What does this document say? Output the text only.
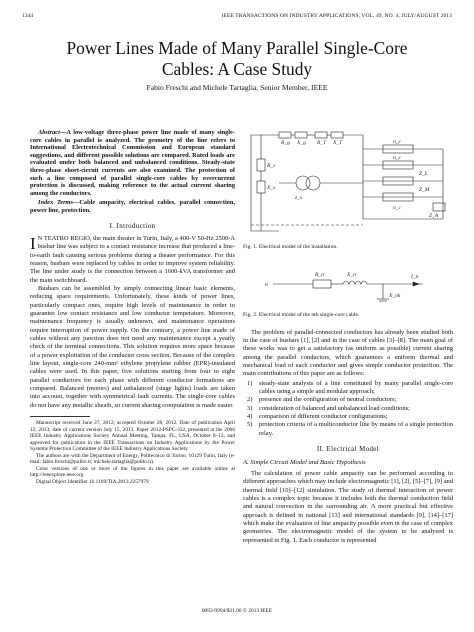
1344	IEEE TRANSACTIONS ON INDUSTRY APPLICATIONS, VOL. 49, NO. 4, JULY/AUGUST 2013
Power Lines Made of Many Parallel Single-Core
Cables: A Case Study
Fabio Freschi and Michele Tartaglia, Senior Member, IEEE
Abstract—A low-voltage three-phase power line made of many single-core cables in parallel is analyzed. The geometry of the line refers to International Electrotechnical Commission and European standard suggestions, and different possible solutions are compared. Rated loads are evaluated under both balanced and unbalanced conditions. Steady-state three-phase short-circuit currents are also examined. The protection of such a line composed of parallel single-core cables by overcurrent protection is discussed, making reference to the actual current sharing among the conductors.
Index Terms—Cable ampacity, electrical cables, parallel connection, power line, protection.
I. Introduction

I N TEATRO REGIO, the main theater in Turin, Italy, a 400-V 50-Hz 2500-A busbar line was subject to a contact resistance increase that produced a line-to-earth fault causing serious problems during a theater performance. For this reason, busbars were replaced by cables in order to improve system reliability. The line under study is the connection between a 1600-kVA transformer and the main switchboard.

Busbars can be assembled by simply connecting linear basic elements, reducing space requirements. Unfortunately, these kinds of power lines, particularly compact ones, require high levels of maintenance in order to guarantee low contact resistance and low conductor temperature. Moreover, maintenance frequency is usually unknown, and maintenance operations require interruption of power supply. On the contrary, a power line made of cables without any junction does not need any maintenance except a yearly check of the terminal connections. This solution requires more space because of a power exploitation of the conductor cross section. Because of the complex line layout, single-core 240-mm² ethylene propylene rubber (EPR)-insulated cables were used. In this paper, five solutions starting from four to eight parallel conductors for each phase with different conductor formations are compared. Balanced (motors) and unbalanced (stage lights) loads are taken into account, together with symmetrical fault currents. The single-core cables do not have any metallic sheath, so current sharing computation is made easier.

Manuscript received June 27, 2012; accepted October 28, 2012. Date of publication April 12, 2013; date of current version July 15, 2013. Paper 2012-PSPC-332, presented at the 2006 IEEE Industry Applications Society Annual Meeting, Tampa, FL, USA, October 8–12, and approved for publication in the IEEE Transactions on Industry Applications by the Power Systems Protection Committee of the IEEE Industry Applications Society.

The authors are with the Department of Energy, Politecnico di Torino, 10129 Turin, Italy (e-mail: fabio.freschi@polito.it; michele.tartaglia@polito.it).

Color versions of one or more of the figures in this paper are available online at http://ieeexplore.ieee.org.

Digital Object Identifier 10.1109/TIA.2013.2257979

R_g X_g R_T X_T
R_s
X_s
z_s
n_c
n_c
Z_L
Z_M
n_c
Z_A
Fig. 1. Electrical model of the installation.
R_n	X_n
n
X_nk
I_n
Fig. 2. Electrical model of the nth single-core cable.

The problem of parallel-connected conductors has already been studied both in the case of busbars [1], [2] and in the case of cables [3]–[8]. The main goal of these works was to get a satisfactory (as uniform as possible) current sharing among the parallel conductors, which guarantees a uniform thermal and mechanical load of each conductor and gives simple conductor protection. The main contributions of this paper are as follows:

1) steady-state analysis of a line constituted by many parallel single-core cables using a simple and modular approach;
2) presence and the configuration of neutral conductors;
3) consideration of balanced and unbalanced load conditions;
4) comparison of different conductor configurations;
5) protection criteria of a multiconductor line by means of a single protection relay.
II. Electrical Model
A. Simple Circuit Model and Basic Hypothesis

The calculation of power cable ampacity can be performed according to different approaches which may include electromagnetic [1], [2], [5]–[7], [9] and thermal field [10]–[12] simulation. The study of thermal interaction of power cables is a complex topic because it includes both the thermal conduction field and natural convection in the surrounding air. A more practical but effective approach is defined in national [13] and international standards [9], [14]–[17] which make the evaluation of line ampacity possible even in the case of complex geometries. The electromagnetic model of the system to be analyzed is represented in Fig. 1. Each conductor is represented

0093-9994/$31.00 © 2013 IEEE
